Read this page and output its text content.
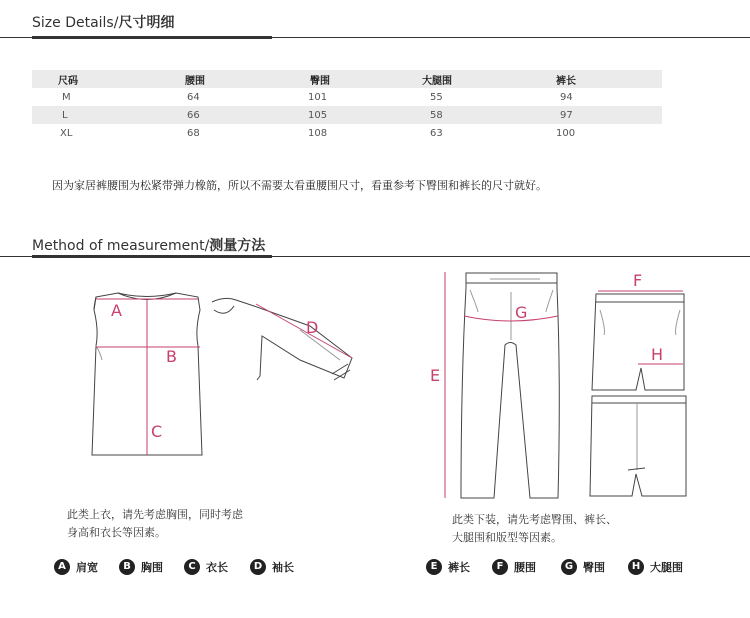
Size Details/尺寸明细
尺码	腰围	臀围	大腿围	裤长
M	64	101	55	94
L	66	105	58	97
XL	68	108	63	100
因为家居裤腰围为松紧带弹力橡筋，所以不需要太看重腰围尺寸，看重参考下臀围和裤长的尺寸就好。
Method of measurement/测量方法
A
B
C
D
E
F
G
H
此类上衣，请先考虑胸围，同时考虑
身高和衣长等因素。
此类下装，请先考虑臀围、裤长、
大腿围和版型等因素。
A 肩宽	B 胸围	C 衣长	D 袖长	E 裤长	F 腰围	G 臀围	H 大腿围
